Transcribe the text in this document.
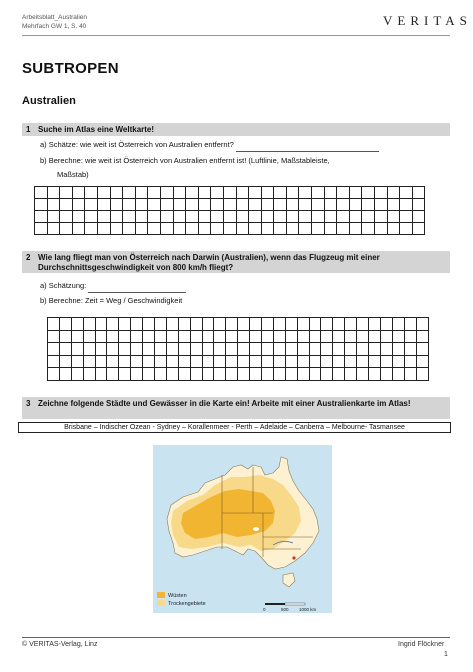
Arbeitsblatt_Australien
Mehrfach GW 1, S. 40	VERITAS
SUBTROPEN
Australien
1 Suche im Atlas eine Weltkarte!
a) Schätze: wie weit ist Österreich von Australien entfernt?
b) Berechne: wie weit ist Österreich von Australien entfernt ist! (Luftlinie, Maßstableiste,
Maßstab)

2 Wie lang fliegt man von Österreich nach Darwin (Australien), wenn das Flugzeug mit einer Durchschnittsgeschwindigkeit von 800 km/h fliegt?
a) Schätzung:
b) Berechne: Zeit = Weg / Geschwindigkeit

3 Zeichne folgende Städte und Gewässer in die Karte ein! Arbeite mit einer Australienkarte im Atlas!
Brisbane – Indischer Ozean - Sydney – Korallenmeer - Perth – Adelaide – Canberra – Melbourne- Tasmansee
Wüsten
Trockengebiete
0	500 1000 km
© VERITAS-Verlag, Linz	Ingrid Flöckner
1
